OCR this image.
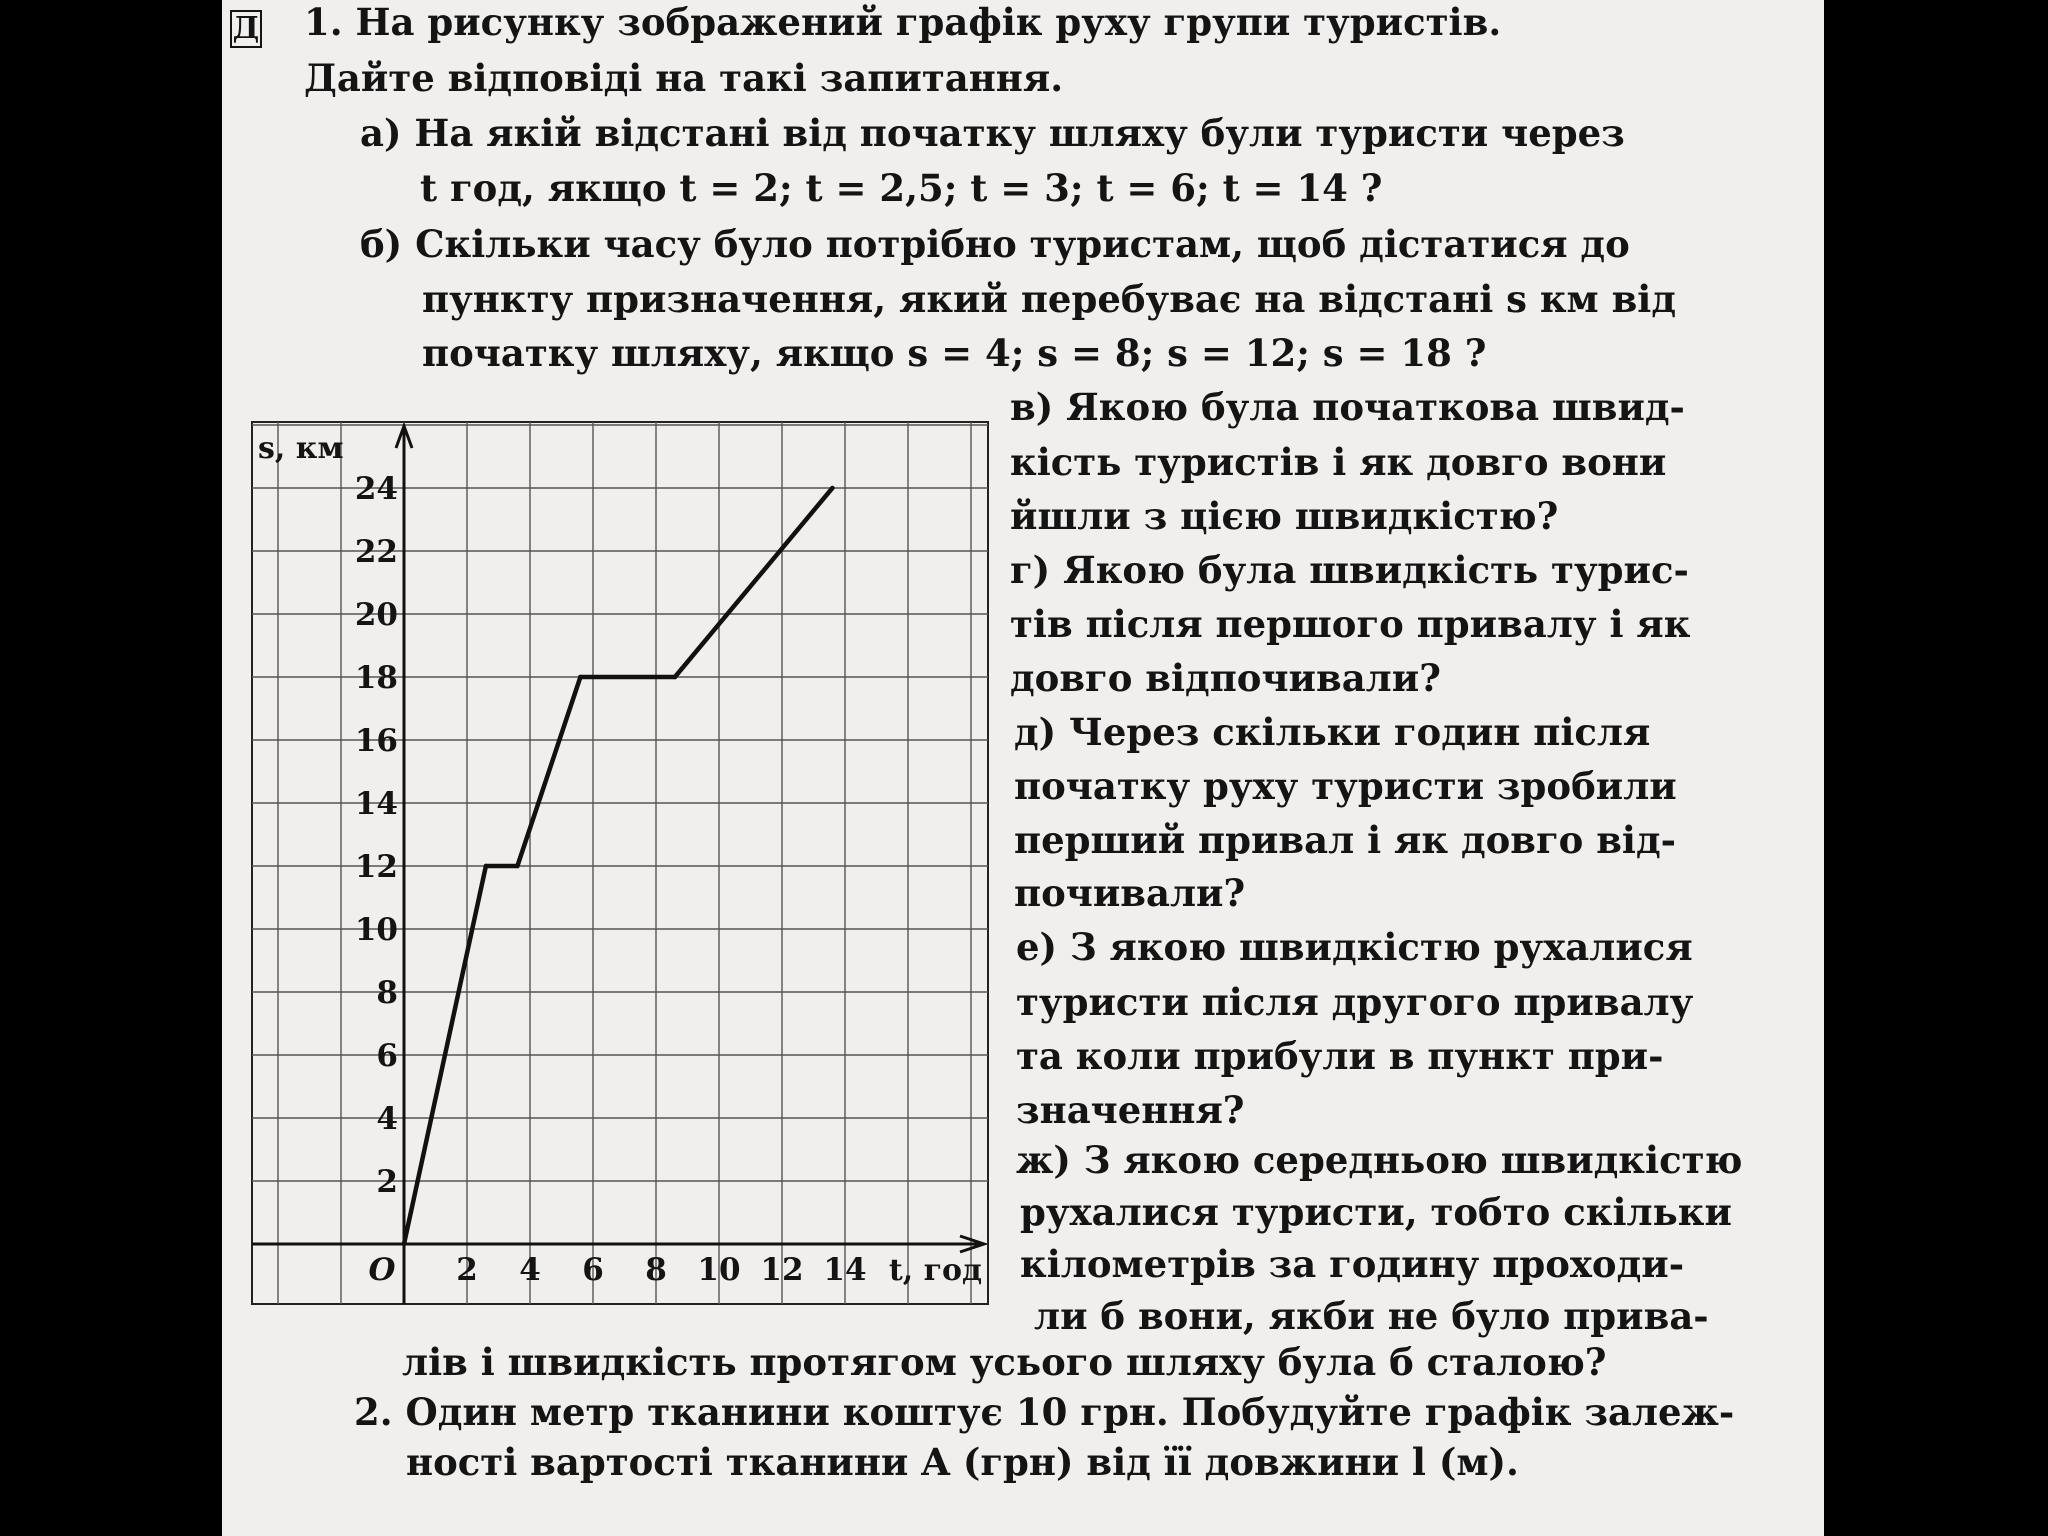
Д 1. На рисунку зображений графік руху групи туристів.
Дайте відповіді на такі запитання.
а) На якій відстані від початку шляху були туристи через
t год, якщо t = 2; t = 2,5; t = 3; t = 6; t = 14 ?
б) Скільки часу було потрібно туристам, щоб дістатися до
пункту призначення, який перебуває на відстані s км від
початку шляху, якщо s = 4; s = 8; s = 12; s = 18 ?
в) Якою була початкова швид-
кість туристів і як довго вони
йшли з цією швидкістю?
г) Якою була швидкість турис-
тів після першого привалу і як
довго відпочивали?
д) Через скільки годин після
початку руху туристи зробили
перший привал і як довго від-
почивали?
е) З якою швидкістю рухалися
туристи після другого привалу
та коли прибули в пункт при-
значення?
ж) З якою середньою швидкістю
рухалися туристи, тобто скільки
кілометрів за годину проходи-
ли б вони, якби не було прива-
лів і швидкість протягом усього шляху була б сталою?
2. Один метр тканини коштує 10 грн. Побудуйте графік залеж-
ності вартості тканини A (грн) від її довжини l (м).
2
4
6
8
10
12
14
16
18
20
22
24
2 4 6 8 10 12 14
O
s, км
t, год
